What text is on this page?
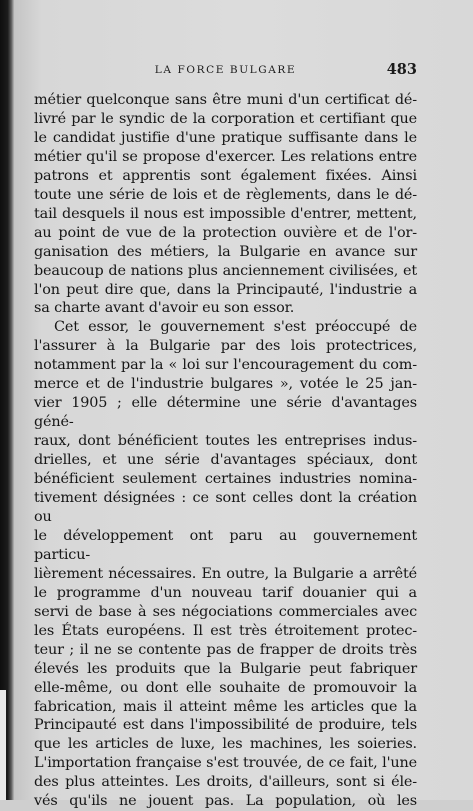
LA FORCE BULGARE	483

métier quelconque sans être muni d'un certificat dé-

livré par le syndic de la corporation et certifiant que

le candidat justifie d'une pratique suffisante dans le

métier qu'il se propose d'exercer. Les relations entre

patrons et apprentis sont également fixées. Ainsi

toute une série de lois et de règlements, dans le dé-

tail desquels il nous est impossible d'entrer, mettent,

au point de vue de la protection ouvière et de l'or-

ganisation des métiers, la Bulgarie en avance sur

beaucoup de nations plus anciennement civilisées, et

l'on peut dire que, dans la Principauté, l'industrie a

sa charte avant d'avoir eu son essor.

Cet essor, le gouvernement s'est préoccupé de

l'assurer à la Bulgarie par des lois protectrices,

notamment par la « loi sur l'encouragement du com-

merce et de l'industrie bulgares », votée le 25 jan-

vier 1905 ; elle détermine une série d'avantages géné-

raux, dont bénéficient toutes les entreprises indus-

drielles, et une série d'avantages spéciaux, dont

bénéficient seulement certaines industries nomina-

tivement désignées : ce sont celles dont la création ou

le développement ont paru au gouvernement particu-

lièrement nécessaires. En outre, la Bulgarie a arrêté

le programme d'un nouveau tarif douanier qui a

servi de base à ses négociations commerciales avec

les États européens. Il est très étroitement protec-

teur ; il ne se contente pas de frapper de droits très

élevés les produits que la Bulgarie peut fabriquer

elle-même, ou dont elle souhaite de promouvoir la

fabrication, mais il atteint même les articles que la

Principauté est dans l'impossibilité de produire, tels

que les articles de luxe, les machines, les soieries.

L'importation française s'est trouvée, de ce fait, l'une

des plus atteintes. Les droits, d'ailleurs, sont si éle-

vés qu'ils ne jouent pas. La population, où les
